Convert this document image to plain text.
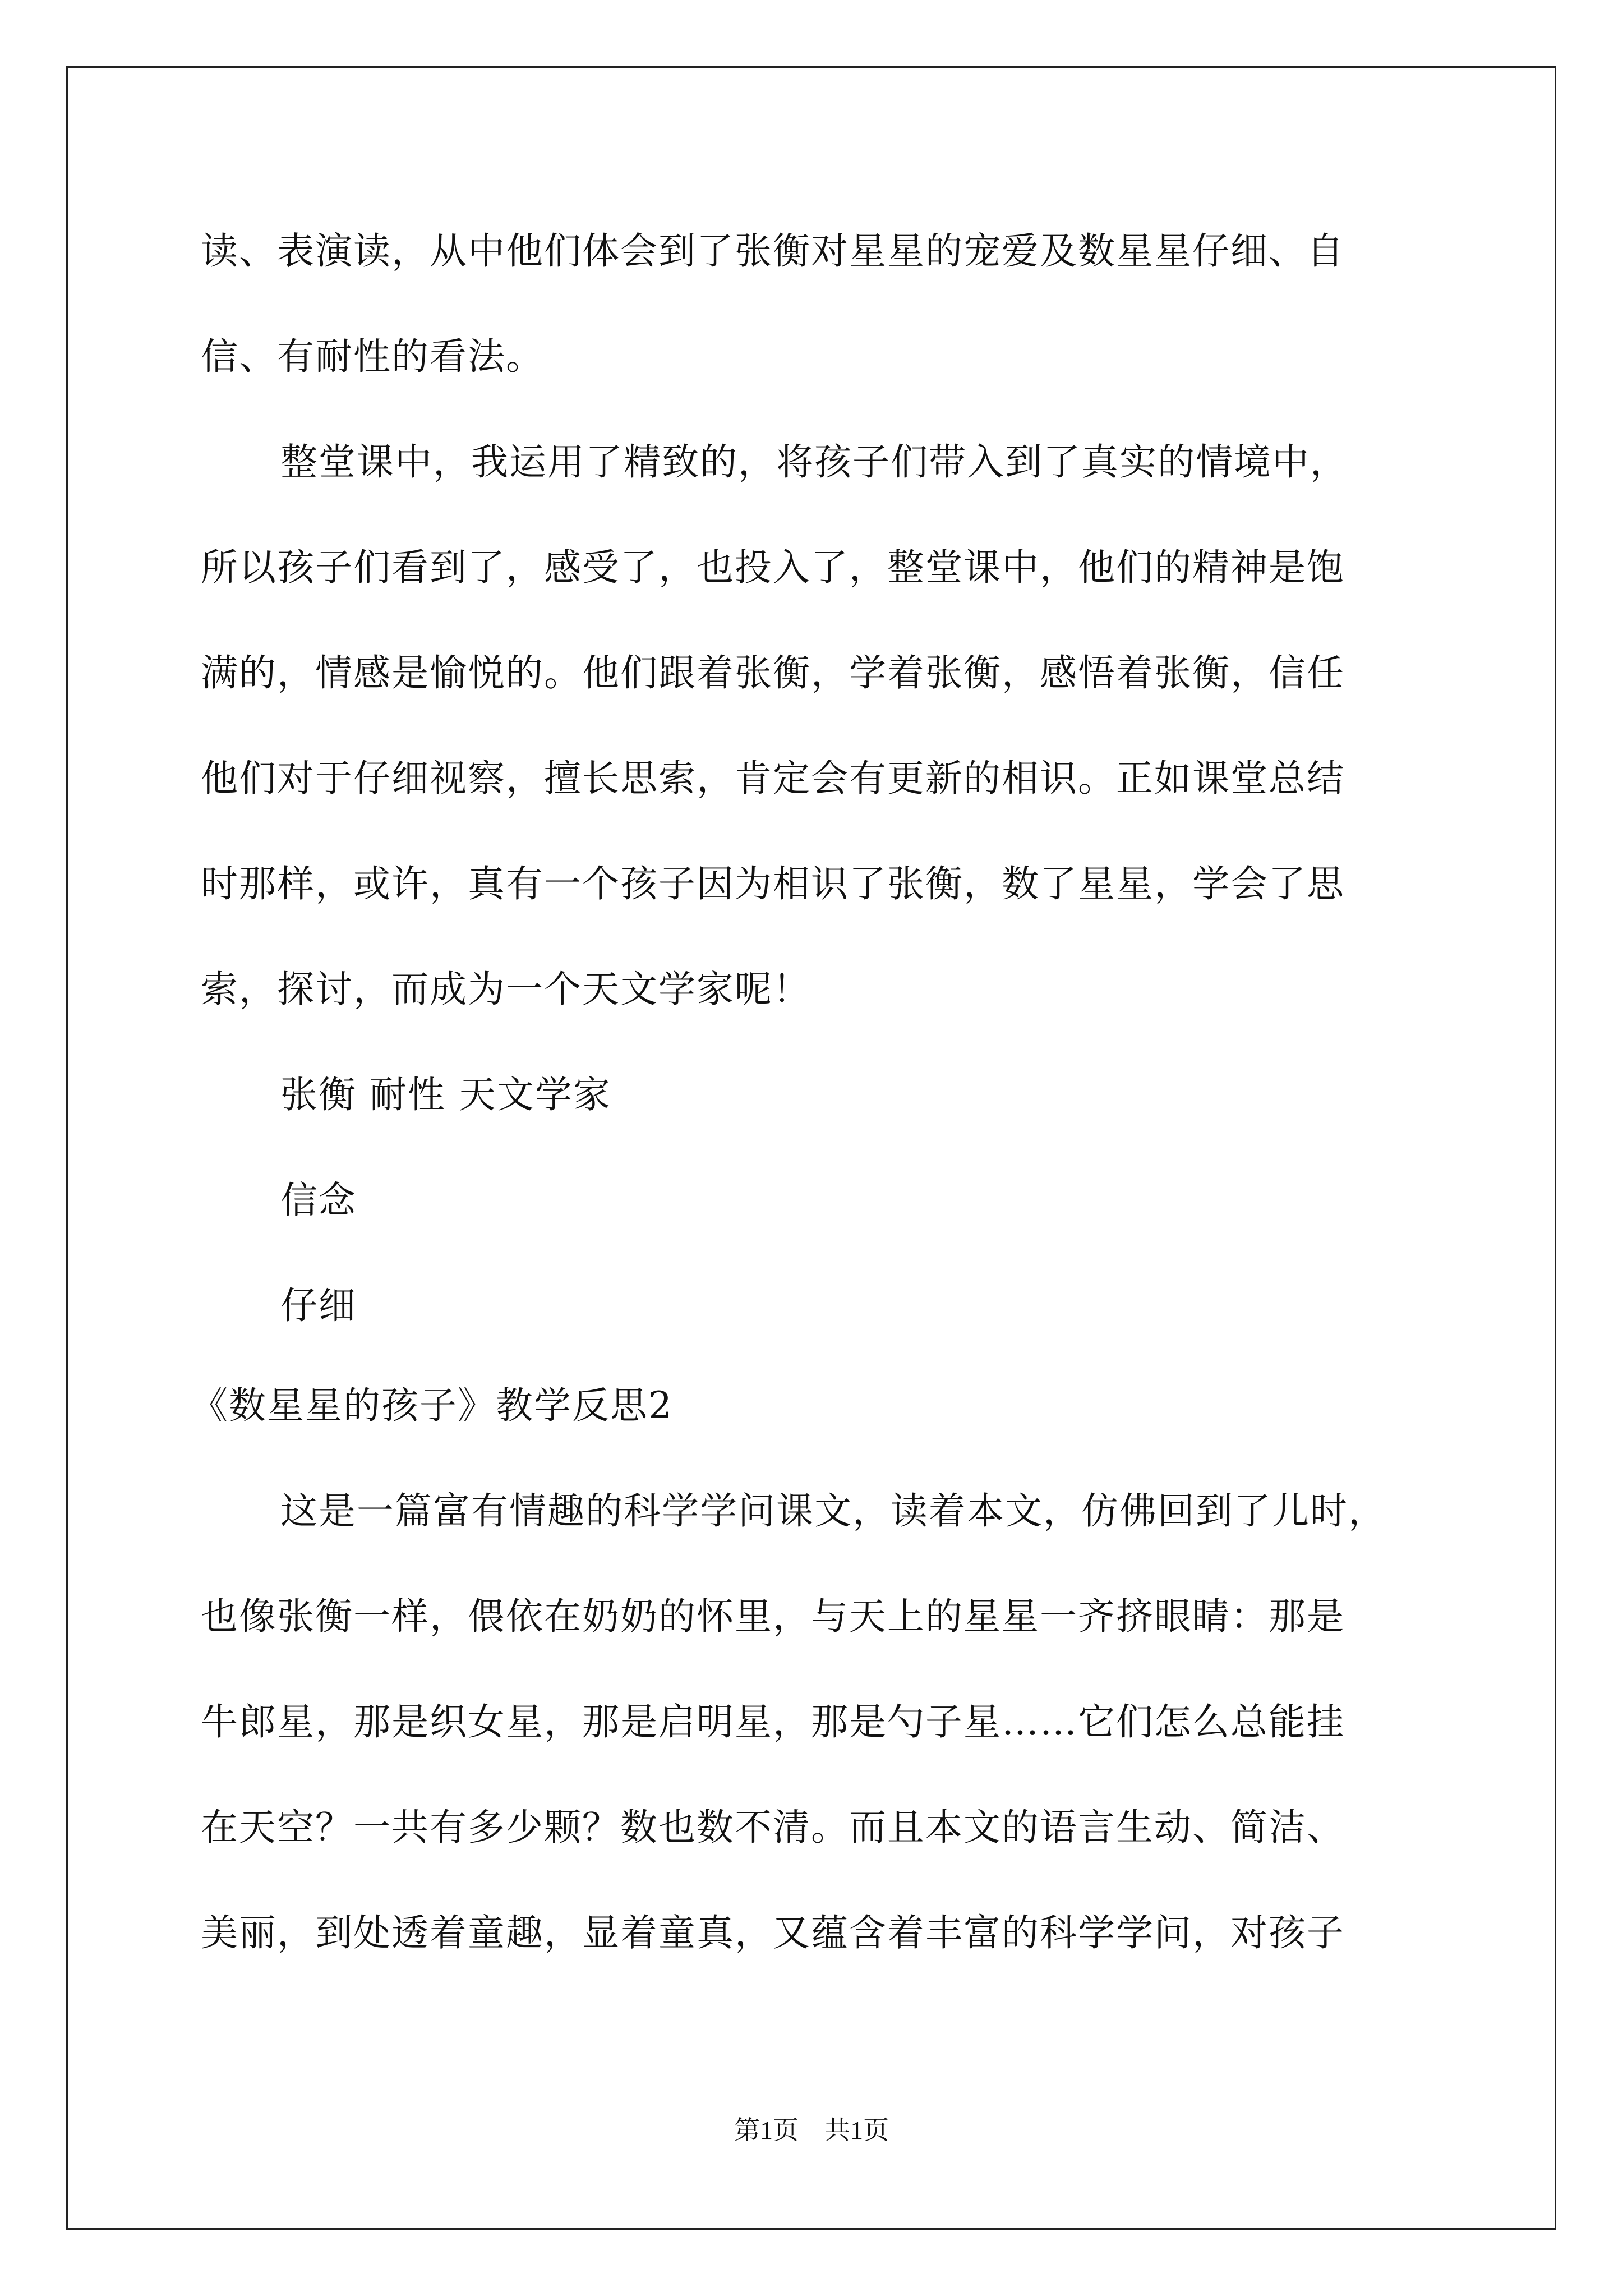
读、表演读，从中他们体会到了张衡对星星的宠爱及数星星仔细、自
信、有耐性的看法。
整堂课中，我运用了精致的，将孩子们带入到了真实的情境中，
所以孩子们看到了，感受了，也投入了，整堂课中，他们的精神是饱
满的，情感是愉悦的。他们跟着张衡，学着张衡，感悟着张衡，信任
他们对于仔细视察，擅长思索，肯定会有更新的相识。正如课堂总结
时那样，或许，真有一个孩子因为相识了张衡，数了星星，学会了思
索，探讨，而成为一个天文学家呢！
张衡 耐性 天文学家
信念
仔细
《数星星的孩子》教学反思2
这是一篇富有情趣的科学学问课文，读着本文，仿佛回到了儿时，
也像张衡一样，偎依在奶奶的怀里，与天上的星星一齐挤眼睛：那是
牛郎星，那是织女星，那是启明星，那是勺子星……它们怎么总能挂
在天空？一共有多少颗？数也数不清。而且本文的语言生动、简洁、
美丽，到处透着童趣，显着童真，又蕴含着丰富的科学学问，对孩子
第1页　共1页
